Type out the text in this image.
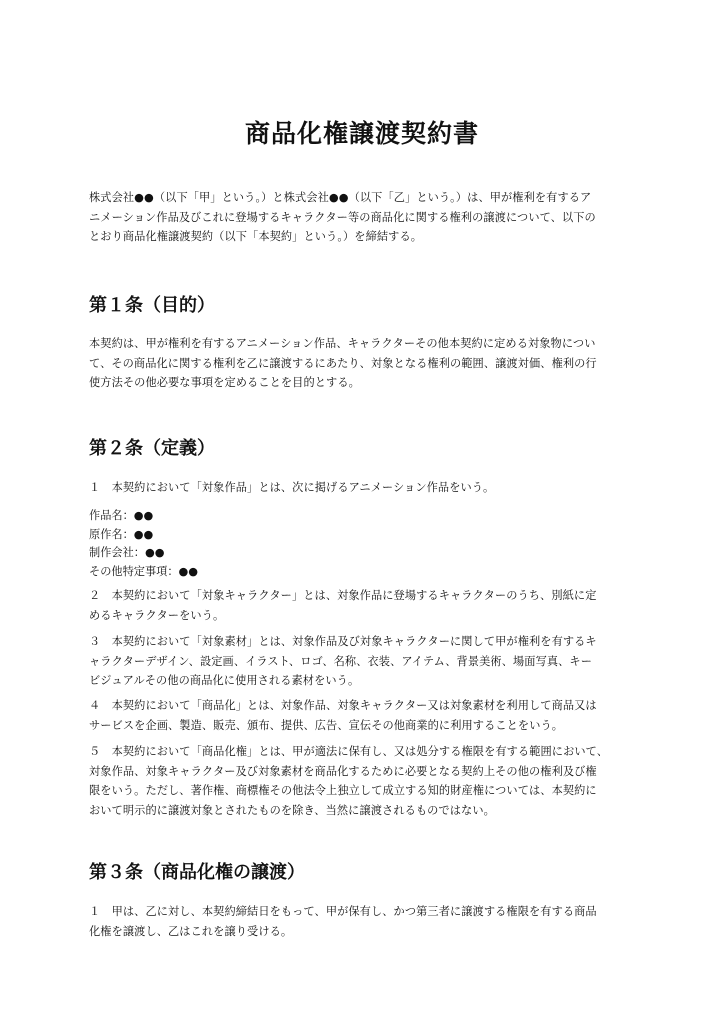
商品化権譲渡契約書

株式会社●●（以下「甲」という。）と株式会社●●（以下「乙」という。）は、甲が権利を有するア
ニメーション作品及びこれに登場するキャラクター等の商品化に関する権利の譲渡について、以下の
とおり商品化権譲渡契約（以下「本契約」という。）を締結する。

第１条（目的）

本契約は、甲が権利を有するアニメーション作品、キャラクターその他本契約に定める対象物につい
て、その商品化に関する権利を乙に譲渡するにあたり、対象となる権利の範囲、譲渡対価、権利の行
使方法その他必要な事項を定めることを目的とする。

第２条（定義）

１　本契約において「対象作品」とは、次に掲げるアニメーション作品をいう。

作品名：●●
原作名：●●
制作会社：●●
その他特定事項：●●

２　本契約において「対象キャラクター」とは、対象作品に登場するキャラクターのうち、別紙に定
めるキャラクターをいう。

３　本契約において「対象素材」とは、対象作品及び対象キャラクターに関して甲が権利を有するキ
ャラクターデザイン、設定画、イラスト、ロゴ、名称、衣装、アイテム、背景美術、場面写真、キー
ビジュアルその他の商品化に使用される素材をいう。

４　本契約において「商品化」とは、対象作品、対象キャラクター又は対象素材を利用して商品又は
サービスを企画、製造、販売、頒布、提供、広告、宣伝その他商業的に利用することをいう。

５　本契約において「商品化権」とは、甲が適法に保有し、又は処分する権限を有する範囲において、
対象作品、対象キャラクター及び対象素材を商品化するために必要となる契約上その他の権利及び権
限をいう。ただし、著作権、商標権その他法令上独立して成立する知的財産権については、本契約に
おいて明示的に譲渡対象とされたものを除き、当然に譲渡されるものではない。

第３条（商品化権の譲渡）

１　甲は、乙に対し、本契約締結日をもって、甲が保有し、かつ第三者に譲渡する権限を有する商品
化権を譲渡し、乙はこれを譲り受ける。
